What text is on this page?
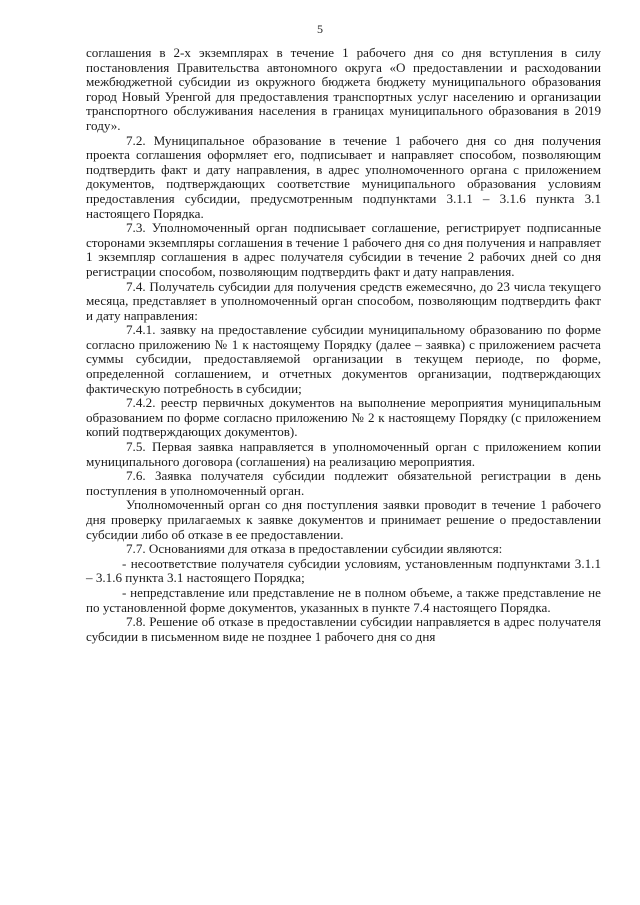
5

соглашения в 2-х экземплярах в течение 1 рабочего дня со дня вступления в силу постановления Правительства автономного округа «О предоставлении и расходовании межбюджетной субсидии из окружного бюджета бюджету муниципального образования город Новый Уренгой для предоставления транспортных услуг населению и организации транспортного обслуживания населения в границах муниципального образования в 2019 году».

7.2. Муниципальное образование в течение 1 рабочего дня со дня получения проекта соглашения оформляет его, подписывает и направляет способом, позволяющим подтвердить факт и дату направления, в адрес уполномоченного органа с приложением документов, подтверждающих соответствие муниципального образования условиям предоставления субсидии, предусмотренным подпунктами 3.1.1 – 3.1.6 пункта 3.1 настоящего Порядка.

7.3. Уполномоченный орган подписывает соглашение, регистрирует подписанные сторонами экземпляры соглашения в течение 1 рабочего дня со дня получения и направляет 1 экземпляр соглашения в адрес получателя субсидии в течение 2 рабочих дней со дня регистрации способом, позволяющим подтвердить факт и дату направления.

7.4. Получатель субсидии для получения средств ежемесячно, до 23 числа текущего месяца, представляет в уполномоченный орган способом, позволяющим подтвердить факт и дату направления:

7.4.1. заявку на предоставление субсидии муниципальному образованию по форме согласно приложению № 1 к настоящему Порядку (далее – заявка) с приложением расчета суммы субсидии, предоставляемой организации в текущем периоде, по форме, определенной соглашением, и отчетных документов организации, подтверждающих фактическую потребность в субсидии;

7.4.2. реестр первичных документов на выполнение мероприятия муниципальным образованием по форме согласно приложению № 2 к настоящему Порядку (с приложением копий подтверждающих документов).

7.5. Первая заявка направляется в уполномоченный орган с приложением копии муниципального договора (соглашения) на реализацию мероприятия.

7.6. Заявка получателя субсидии подлежит обязательной регистрации в день поступления в уполномоченный орган.

Уполномоченный орган со дня поступления заявки проводит в течение 1 рабочего дня проверку прилагаемых к заявке документов и принимает решение о предоставлении субсидии либо об отказе в ее предоставлении.

7.7. Основаниями для отказа в предоставлении субсидии являются:

- несоответствие получателя субсидии условиям, установленным подпунктами 3.1.1 – 3.1.6 пункта 3.1 настоящего Порядка;

- непредставление или представление не в полном объеме, а также представление не по установленной форме документов, указанных в пункте 7.4 настоящего Порядка.

7.8. Решение об отказе в предоставлении субсидии направляется в адрес получателя субсидии в письменном виде не позднее 1 рабочего дня со дня
